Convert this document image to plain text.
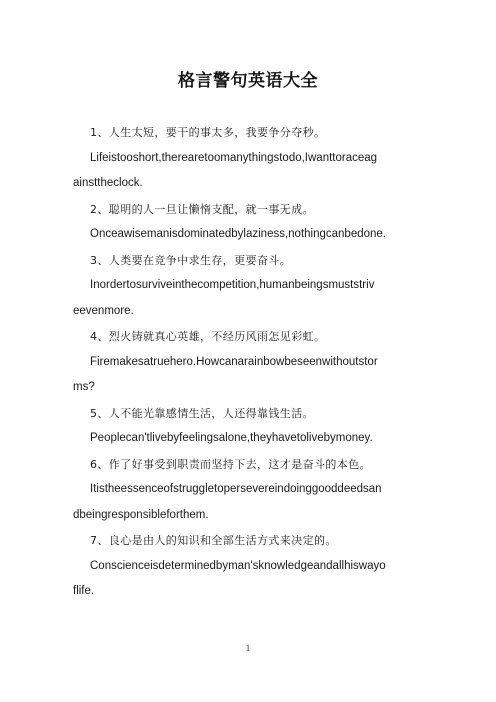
格言警句英语大全
1、人生太短，要干的事太多，我要争分夺秒。
Lifeistooshort,therearetoomanythingstodo,Iwanttoraceag
ainsttheclock.
2、聪明的人一旦让懒惰支配，就一事无成。
Onceawisemanisdominatedbylaziness,nothingcanbedone.
3、人类要在竞争中求生存，更要奋斗。
Inordertosurviveinthecompetition,humanbeingsmuststriv
eevenmore.
4、烈火铸就真心英雄，不经历风雨怎见彩虹。
Firemakesatruehero.Howcanarainbowbeseenwithoutstor
ms?
5、人不能光靠感情生活，人还得靠钱生活。
Peoplecan'tlivebyfeelingsalone,theyhavetolivebymoney.
6、作了好事受到职责而坚持下去，这才是奋斗的本色。
Itistheessenceofstruggletopersevereindoinggooddeedsan
dbeingresponsibleforthem.
7、良心是由人的知识和全部生活方式来决定的。
Conscienceisdeterminedbyman'sknowledgeandallhiswayo
flife.
1
